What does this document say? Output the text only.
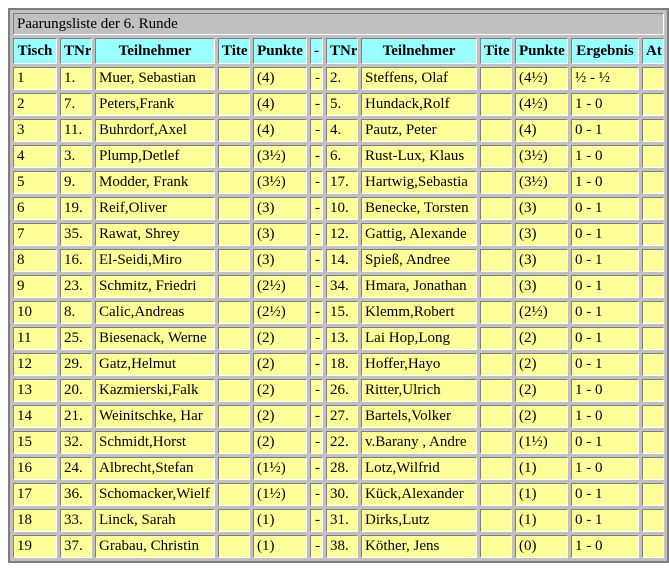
Paarungsliste der 6. Runde											
Tisch	TNr	Teilnehmer	Tite	Punkte	-	TNr	Teilnehmer	Tite	Punkte	Ergebnis	At
1	1.	Muer, Sebastian		(4)	-	2.	Steffens, Olaf		(4½)	½ - ½	
2	7.	Peters,Frank		(4)	-	5.	Hundack,Rolf		(4½)	1 - 0	
3	11.	Buhrdorf,Axel		(4)	-	4.	Pautz, Peter		(4)	0 - 1	
4	3.	Plump,Detlef		(3½)	-	6.	Rust-Lux, Klaus		(3½)	1 - 0	
5	9.	Modder, Frank		(3½)	-	17.	Hartwig,Sebastia		(3½)	1 - 0	
6	19.	Reif,Oliver		(3)	-	10.	Benecke, Torsten		(3)	0 - 1	
7	35.	Rawat, Shrey		(3)	-	12.	Gattig, Alexande		(3)	0 - 1	
8	16.	El-Seidi,Miro		(3)	-	14.	Spieß, Andree		(3)	0 - 1	
9	23.	Schmitz, Friedri		(2½)	-	34.	Hmara, Jonathan		(3)	0 - 1	
10	8.	Calic,Andreas		(2½)	-	15.	Klemm,Robert		(2½)	0 - 1	
11	25.	Biesenack, Werne		(2)	-	13.	Lai Hop,Long		(2)	0 - 1	
12	29.	Gatz,Helmut		(2)	-	18.	Hoffer,Hayo		(2)	0 - 1	
13	20.	Kazmierski,Falk		(2)	-	26.	Ritter,Ulrich		(2)	1 - 0	
14	21.	Weinitschke, Har		(2)	-	27.	Bartels,Volker		(2)	1 - 0	
15	32.	Schmidt,Horst		(2)	-	22.	v.Barany , Andre		(1½)	0 - 1	
16	24.	Albrecht,Stefan		(1½)	-	28.	Lotz,Wilfrid		(1)	1 - 0	
17	36.	Schomacker,Wielf		(1½)	-	30.	Kück,Alexander		(1)	0 - 1	
18	33.	Linck, Sarah		(1)	-	31.	Dirks,Lutz		(1)	0 - 1	
19	37.	Grabau, Christin		(1)	-	38.	Köther, Jens		(0)	1 - 0	
